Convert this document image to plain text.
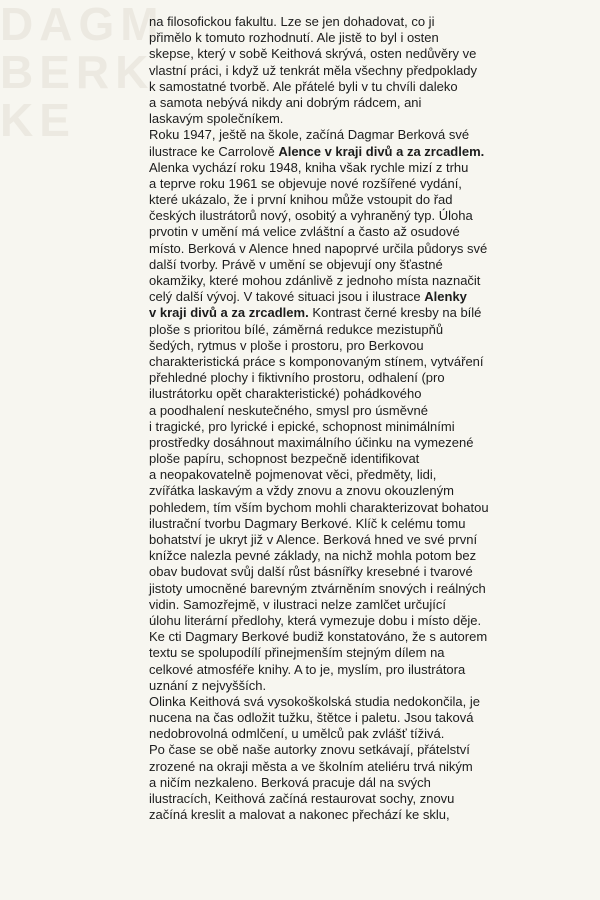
DAGM
BERK
KE
na filosofickou fakultu. Lze se jen dohadovat, co ji
přimělo k tomuto rozhodnutí. Ale jistě to byl i osten
skepse, který v sobě Keithová skrývá, osten nedůvěry ve
vlastní práci, i když už tenkrát měla všechny předpoklady
k samostatné tvorbě. Ale přátelé byli v tu chvíli daleko
a samota nebývá nikdy ani dobrým rádcem, ani
laskavým společníkem.
Roku 1947, ještě na škole, začíná Dagmar Berková své
ilustrace ke Carrolově Alence v kraji divů a za zrcadlem.
Alenka vychází roku 1948, kniha však rychle mizí z trhu
a teprve roku 1961 se objevuje nové rozšířené vydání,
které ukázalo, že i první knihou může vstoupit do řad
českých ilustrátorů nový, osobitý a vyhraněný typ. Úloha
prvotin v umění má velice zvláštní a často až osudové
místo. Berková v Alence hned napoprvé určila půdorys své
další tvorby. Právě v umění se objevují ony šťastné
okamžiky, které mohou zdánlivě z jednoho místa naznačit
celý další vývoj. V takové situaci jsou i ilustrace Alenky
v kraji divů a za zrcadlem. Kontrast černé kresby na bílé
ploše s prioritou bílé, záměrná redukce mezistupňů
šedých, rytmus v ploše i prostoru, pro Berkovou
charakteristická práce s komponovaným stínem, vytváření
přehledné plochy i fiktivního prostoru, odhalení (pro
ilustrátorku opět charakteristické) pohádkového
a poodhalení neskutečného, smysl pro úsměvné
i tragické, pro lyrické i epické, schopnost minimálními
prostředky dosáhnout maximálního účinku na vymezené
ploše papíru, schopnost bezpečně identifikovat
a neopakovatelně pojmenovat věci, předměty, lidi,
zvířátka laskavým a vždy znovu a znovu okouzleným
pohledem, tím vším bychom mohli charakterizovat bohatou
ilustrační tvorbu Dagmary Berkové. Klíč k celému tomu
bohatství je ukryt již v Alence. Berková hned ve své první
knížce nalezla pevné základy, na nichž mohla potom bez
obav budovat svůj další růst básnířky kresebné i tvarové
jistoty umocněné barevným ztvárněním snových i reálných
vidin. Samozřejmě, v ilustraci nelze zamlčet určující
úlohu literární předlohy, která vymezuje dobu i místo děje.
Ke cti Dagmary Berkové budiž konstatováno, že s autorem
textu se spolupodílí přinejmenším stejným dílem na
celkové atmosféře knihy. A to je, myslím, pro ilustrátora
uznání z nejvyšších.
Olinka Keithová svá vysokoškolská studia nedokončila, je
nucena na čas odložit tužku, štětce i paletu. Jsou taková
nedobrovolná odmlčení, u umělců pak zvlášť tíživá.
Po čase se obě naše autorky znovu setkávají, přátelství
zrozené na okraji města a ve školním ateliéru trvá nikým
a ničím nezkaleno. Berková pracuje dál na svých
ilustracích, Keithová začíná restaurovat sochy, znovu
začíná kreslit a malovat a nakonec přechází ke sklu,
